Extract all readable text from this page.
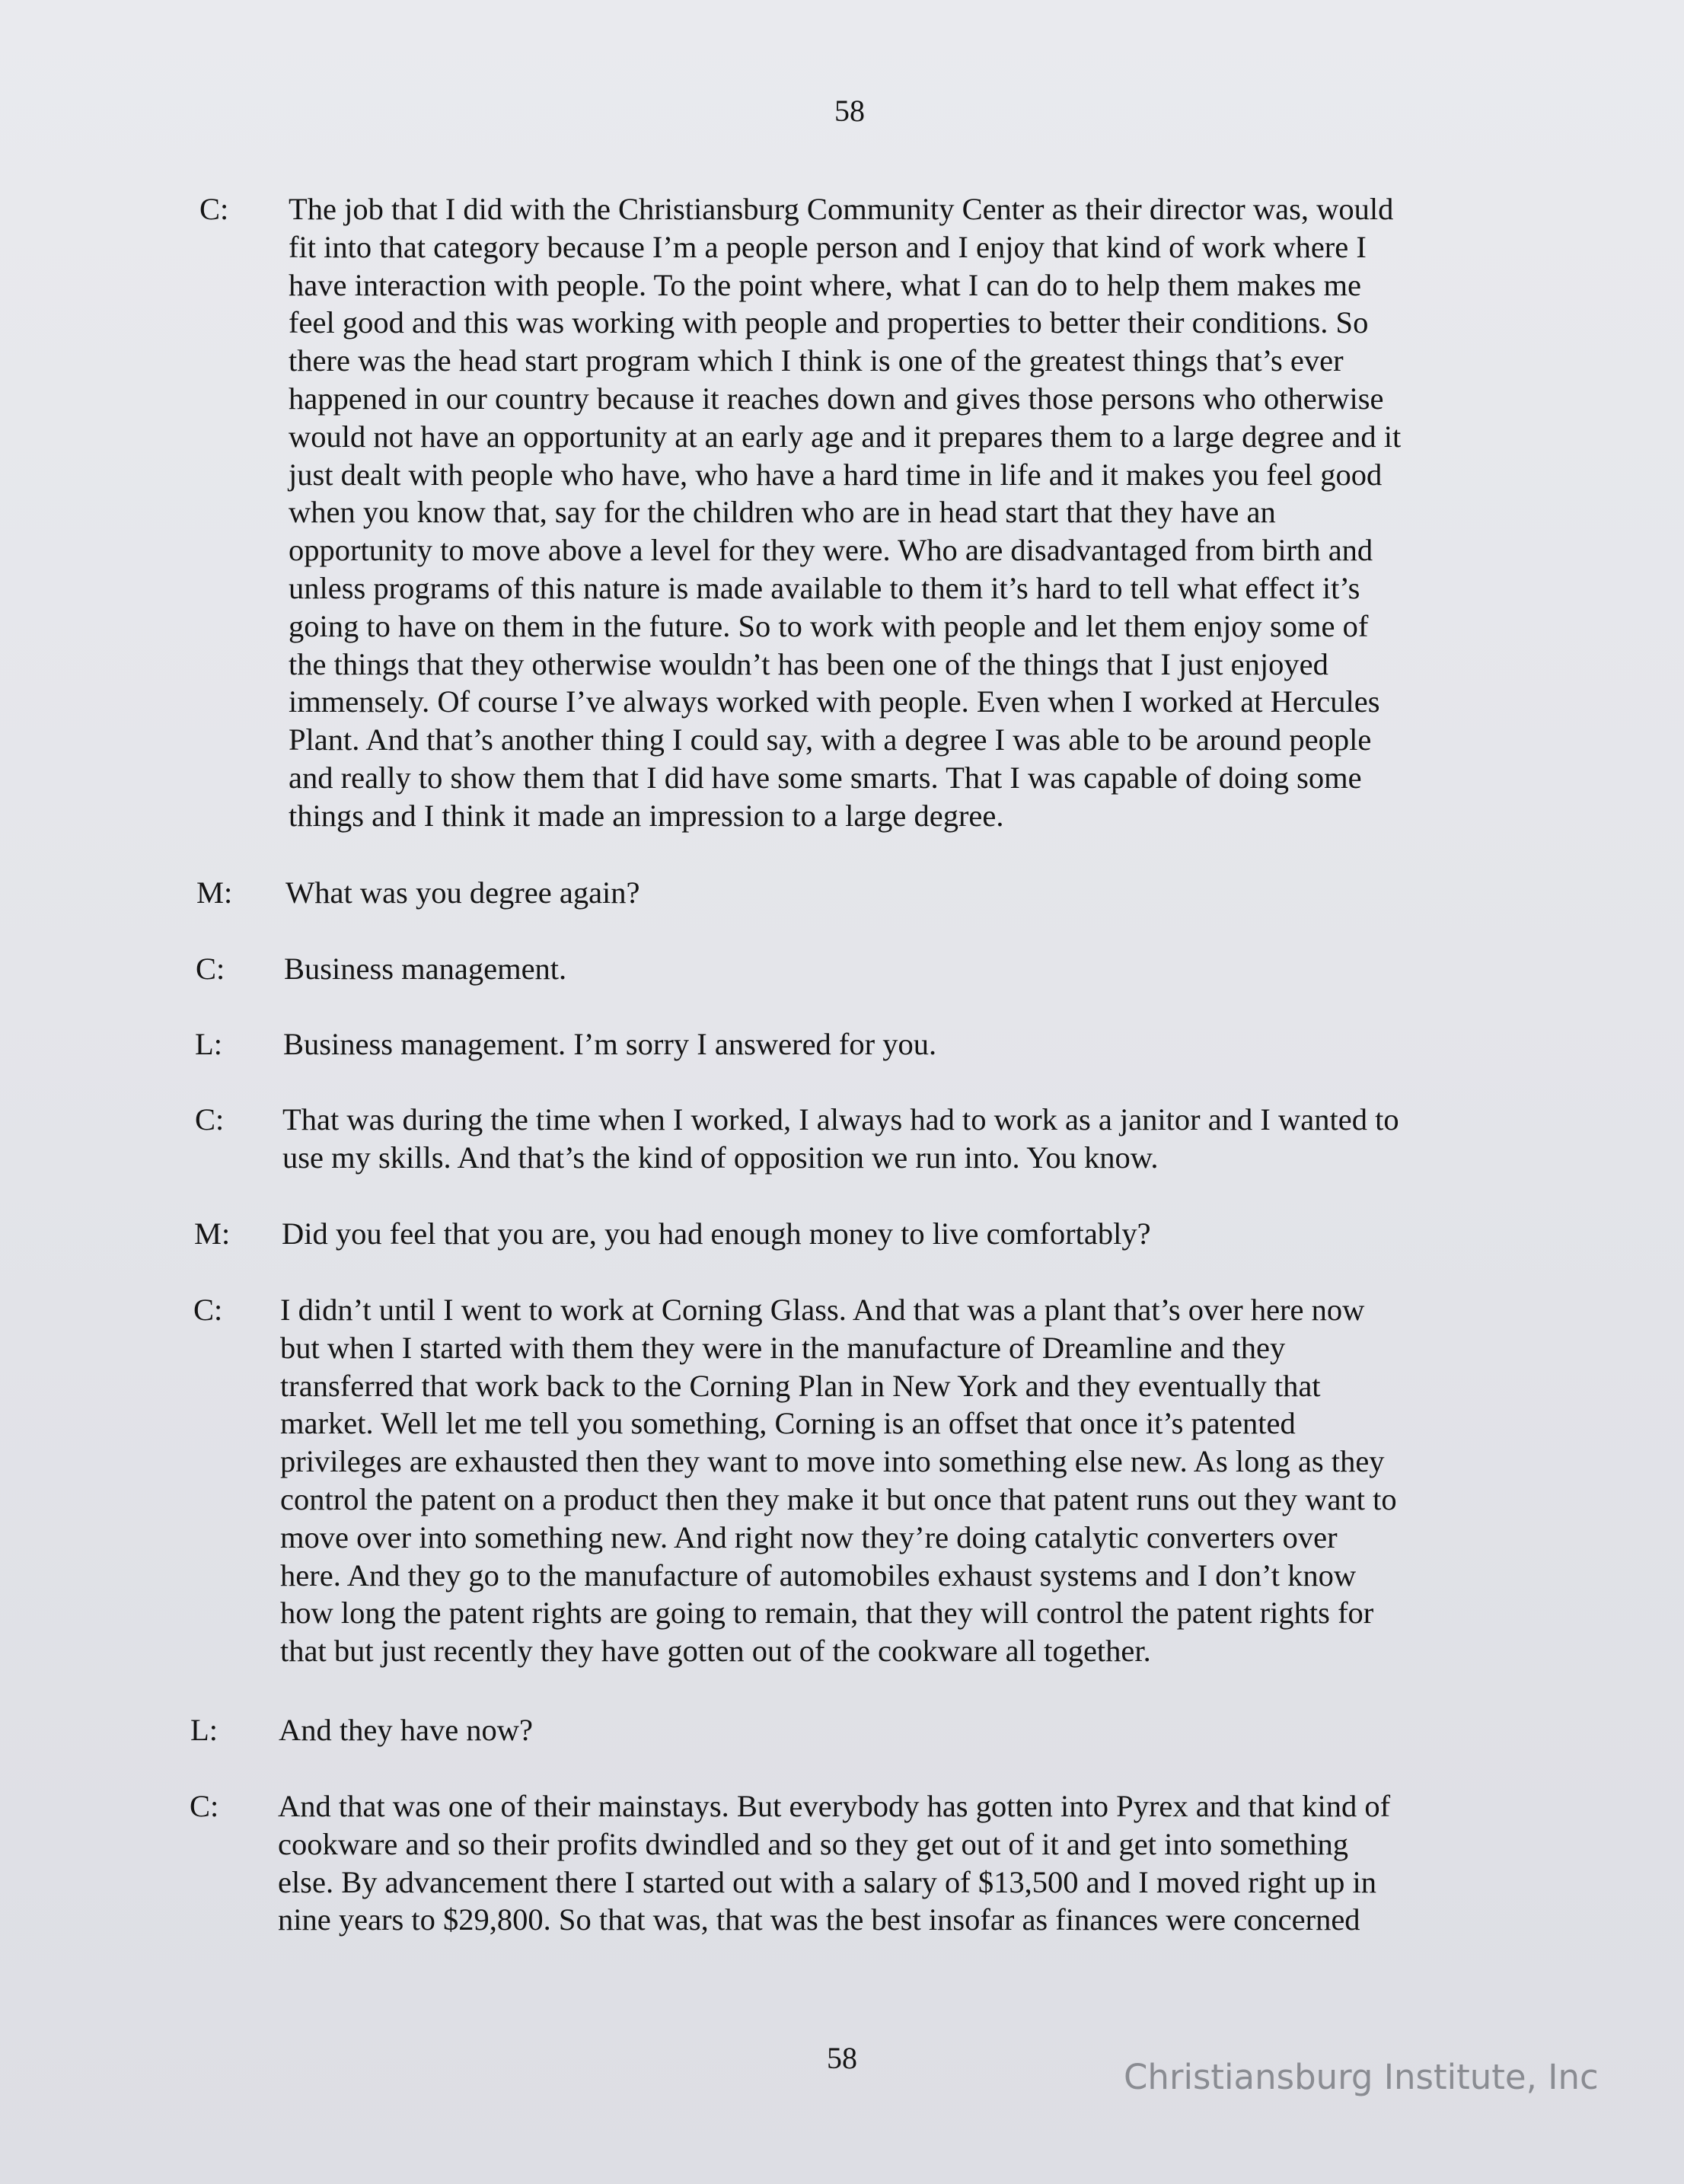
58
C: The job that I did with the Christiansburg Community Center as their director was, would
fit into that category because I’m a people person and I enjoy that kind of work where I
have interaction with people. To the point where, what I can do to help them makes me
feel good and this was working with people and properties to better their conditions. So
there was the head start program which I think is one of the greatest things that’s ever
happened in our country because it reaches down and gives those persons who otherwise
would not have an opportunity at an early age and it prepares them to a large degree and it
just dealt with people who have, who have a hard time in life and it makes you feel good
when you know that, say for the children who are in head start that they have an
opportunity to move above a level for they were. Who are disadvantaged from birth and
unless programs of this nature is made available to them it’s hard to tell what effect it’s
going to have on them in the future. So to work with people and let them enjoy some of
the things that they otherwise wouldn’t has been one of the things that I just enjoyed
immensely. Of course I’ve always worked with people. Even when I worked at Hercules
Plant. And that’s another thing I could say, with a degree I was able to be around people
and really to show them that I did have some smarts. That I was capable of doing some
things and I think it made an impression to a large degree.
M: What was you degree again?
C: Business management.
L: Business management. I’m sorry I answered for you.
C: That was during the time when I worked, I always had to work as a janitor and I wanted to
use my skills. And that’s the kind of opposition we run into. You know.
M: Did you feel that you are, you had enough money to live comfortably?
C: I didn’t until I went to work at Corning Glass. And that was a plant that’s over here now
but when I started with them they were in the manufacture of Dreamline and they
transferred that work back to the Corning Plan in New York and they eventually that
market. Well let me tell you something, Corning is an offset that once it’s patented
privileges are exhausted then they want to move into something else new. As long as they
control the patent on a product then they make it but once that patent runs out they want to
move over into something new. And right now they’re doing catalytic converters over
here. And they go to the manufacture of automobiles exhaust systems and I don’t know
how long the patent rights are going to remain, that they will control the patent rights for
that but just recently they have gotten out of the cookware all together.
L: And they have now?
C: And that was one of their mainstays. But everybody has gotten into Pyrex and that kind of
cookware and so their profits dwindled and so they get out of it and get into something
else. By advancement there I started out with a salary of $13,500 and I moved right up in
nine years to $29,800. So that was, that was the best insofar as finances were concerned
58	Christiansburg Institute, Inc
